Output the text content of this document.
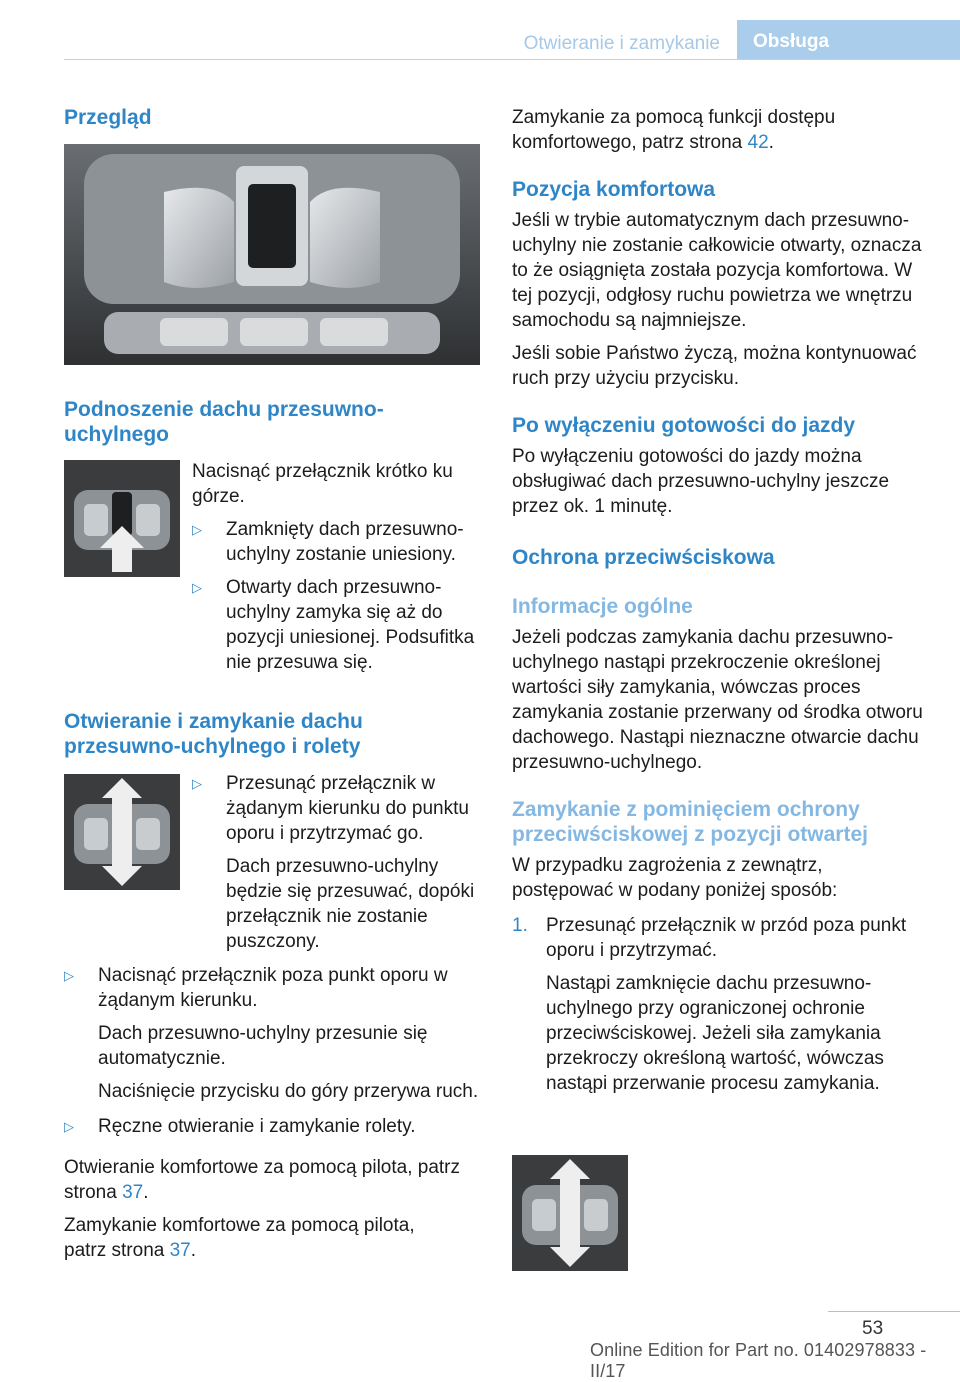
Otwieranie i zamykanie	Obsługa
Przegląd
Podnoszenie dachu przesuwno-uchylnego

Nacisnąć przełącznik krótko ku górze.

▷ Zamknięty dach przesuwno-uchylny zostanie uniesiony.
▷ Otwarty dach przesuwno-uchylny zamyka się aż do pozycji uniesionej. Podsufitka nie przesuwa się.
Otwieranie i zamykanie dachu przesuwno-uchylnego i rolety
▷ Przesunąć przełącznik w żądanym kierunku do punktu oporu i przytrzymać go.

Dach przesuwno-uchylny będzie się przesuwać, dopóki przełącznik nie zostanie puszczony.

▷ Nacisnąć przełącznik poza punkt oporu w żądanym kierunku.

Dach przesuwno-uchylny przesunie się automatycznie.

Naciśnięcie przycisku do góry przerywa ruch.

▷ Ręczne otwieranie i zamykanie rolety.

Otwieranie komfortowe za pomocą pilota, patrz strona 37.

Zamykanie komfortowe za pomocą pilota, patrz strona 37.

Zamykanie za pomocą funkcji dostępu komfortowego, patrz strona 42.

Pozycja komfortowa

Jeśli w trybie automatycznym dach przesuwno-uchylny nie zostanie całkowicie otwarty, oznacza to że osiągnięta została pozycja komfortowa. W tej pozycji, odgłosy ruchu powietrza we wnętrzu samochodu są najmniejsze.

Jeśli sobie Państwo życzą, można kontynuować ruch przy użyciu przycisku.

Po wyłączeniu gotowości do jazdy

Po wyłączeniu gotowości do jazdy można obsługiwać dach przesuwno-uchylny jeszcze przez ok. 1 minutę.

Ochrona przeciwściskowa
Informacje ogólne

Jeżeli podczas zamykania dachu przesuwno-uchylnego nastąpi przekroczenie określonej wartości siły zamykania, wówczas proces zamykania zostanie przerwany od środka otworu dachowego. Nastąpi nieznaczne otwarcie dachu przesuwno-uchylnego.

Zamykanie z pominięciem ochrony przeciwściskowej z pozycji otwartej

W przypadku zagrożenia z zewnątrz, postępować w podany poniżej sposób:

1. Przesunąć przełącznik w przód poza punkt oporu i przytrzymać.

Nastąpi zamknięcie dachu przesuwno-uchylnego przy ograniczonej ochronie przeciwściskowej. Jeżeli siła zamykania przekroczy określoną wartość, wówczas nastąpi przerwanie procesu zamykania.

53
Online Edition for Part no. 01402978833 - II/17
